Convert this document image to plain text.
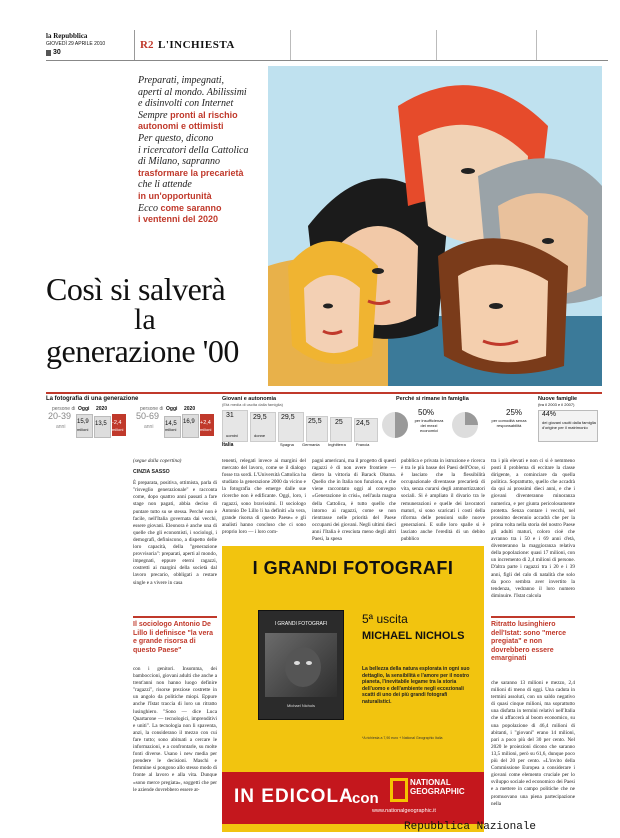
la Repubblica
GIOVEDÌ 29 APRILE 2010
30
R2 L'INCHIESTA
Preparati, impegnati,
aperti al mondo. Abilissimi
e disinvolti con Internet
Sempre pronti al rischio
autonomi e ottimisti
Per questo, dicono
i ricercatori della Cattolica
di Milano, sapranno
trasformare la precarietà
che li attende
in un'opportunità
Ecco come saranno
i ventenni del 2020
Così si salverà
la
generazione '00
La fotografia di una generazione
persone di
20-39
anni
Oggi 2020
15,9 13,5
milioni
-2,4
milioni
persone di
50-69
anni
Oggi 2020
14,5 16,9
milioni
+2,4
milioni
Giovani e autonomia
(Età media di uscita dalla famiglia)
31
uomini
Italia
29,5
donne
29,5
Spagna
25,5
Germania
25
Inghilterra
24,5
Francia
Perché si rimane in famiglia
50%
per insufficienza dei mezzi economici
25%
per comodità senza responsabilità
Nuove famiglie
(tra il 2003 e il 2007)
44%
dei giovani usciti dalla famiglia d'origine per il matrimonio
(segue dalla copertina)
CINZIA SASSO
È preparata, positiva, ottimista, parla di "risveglio generazionale" e racconta come, dopo quattro anni passati a fare stage non pagati, abbia deciso di puntare tutto su se stessa. Perché non è facile, nell'Italia governata dai vecchi, essere giovani. Eleonora è anche una di quelle che gli economisti, i sociologi, i demografi, definiscono, a dispetto delle loro capacità, della "generazione provvisoria": preparati, aperti al mondo, impegnati, eppure eterni ragazzi, costretti ai margini della società dal lavoro precario, obbligati a restare single e a vivere in casa
Il sociologo Antonio De Lillo li definisce "la vera e grande risorsa di questo Paese"
con i genitori. Insomma, dei bamboccioni, giovani adulti che anche a trent'anni non hanno luogo definire "ragazzi", risorse preziose costrette in un angolo da politiche miopi. Eppure anche l'Istat traccia di loro un ritratto lusinghiero. "Sono — dice Luca Quartarone — tecnologici, imprenditivi e uniti". La tecnologia non li spaventa, anzi, la considerano il mezzo con cui fare tutto; sono abituati a cercare le informazioni, e a confrontarle, su molte fonti diverse. Usano i new media per prendere le decisioni. Maschi e femmine si pongono allo stesso modo di fronte al lavoro e alla vita. Dunque «sono merce pregiata», soggetti che per le aziende dovrebbero essere at-
tenenti, relegati invece ai margini del mercato del lavoro, come se il dialogo fosse tra sordi. L'Università Cattolica ha studiato la generazione 2000 da vicino e la fotografia che emerge dalle sue ricerche non è edificante. Oggi, loro, i ragazzi, sono bravissimi. Il sociologo Antonio De Lillo li ha definiti «la vera, grande risorsa di questo Paese» e gli analisti hanno concluso che ci sono proprio loro — i loro com-
pagni americani, ma il progetto di questi ragazzi è di non avere frontiere — dietro la vittoria di Barack Obama. Quello che in Italia non funziona, e che viene raccontato oggi al convegno «Generazione in crisi», nell'aula magna della Cattolica, è tutto quello che intorno ai ragazzi, come se non rientrasse nelle priorità del Paese occuparsi dei giovani. Negli ultimi dieci anni l'Italia è cresciuta meno degli altri Paesi, la spesa
pubblica e privata in istruzione e ricerca è tra le più basse dei Paesi dell'Ocse, si è lasciato che la flessibilità occupazionale diventasse precarietà di vita, senza curarsi degli ammortizzatori sociali. Si è ampliato il divario tra le remunerazioni e quelle dei lavoratori maturi, si sono scaricati i costi della riforma delle pensioni sulle nuove generazioni. E sulle loro spalle si è lasciato anche l'eredità di un debito pubblico
tra i più elevati e non ci si è nemmeno posti il problema di eccitare la classe dirigente, a cominciare da quella politica. Soprattutto, quello che accadrà da qui ai prossimi dieci anni, e che i giovani diventeranno minoranza numerica, e per giunta pericolosamente protetta. Senza contare i vecchi, nel prossimo decennio accadrà che per la prima volta nella storia del nostro Paese gli adulti maturi, coloro cioè che avranno tra i 50 e i 69 anni d'età, diventeranno la maggioranza relativa della popolazione: quasi 17 milioni, con un incremento di 2,4 milioni di persone. D'altra parte i ragazzi tra i 20 e i 39 anni, figli del calo di natalità che solo da poco sembra aver invertito la tendenza, vedranno il loro numero diminuire. l'Istat calcola
Ritratto lusinghiero dell'Istat: sono "merce pregiata" e non dovrebbero essere emarginati
che saranno 13 milioni e mezzo, 2,4 milioni di meno di oggi. Una caduta in termini assoluti, con un saldo negativo di quasi cinque milioni, ma soprattutto una disfatta in termini relativi nell'Italia che si affaccerà al boom economico, su una popolazione di 46,4 milioni di abitanti, i "giovani" erano 14 milioni, pari a poco più del 30 per cento. Nel 2020 le proiezioni dicono che saranno 13,5 milioni, però su 61,6, dunque poco più del 20 per cento. «L'invito della Commissione Europea a considerare i giovani come elemento cruciale per lo sviluppo sociale ed economico dei Paesi e a mettere in campo politiche che ne promuovano una piena partecipazione nella
I GRANDI FOTOGRAFI
I GRANDI FOTOGRAFI
Michael Nichols
5ª uscita
MICHAEL NICHOLS
La bellezza della natura esplorata in ogni suo dettaglio, la sensibilità e l'amore per il nostro pianeta, l'inevitabile legame tra la storia dell'uomo e dell'ambiente negli eccezionali scatti di uno dei più grandi fotografi naturalistici.
*A richiesta a 7,90 euro + National Geographic Italia
IN EDICOLA
con
NATIONAL
GEOGRAPHIC
www.nationalgeographic.it
Repubblica Nazionale
